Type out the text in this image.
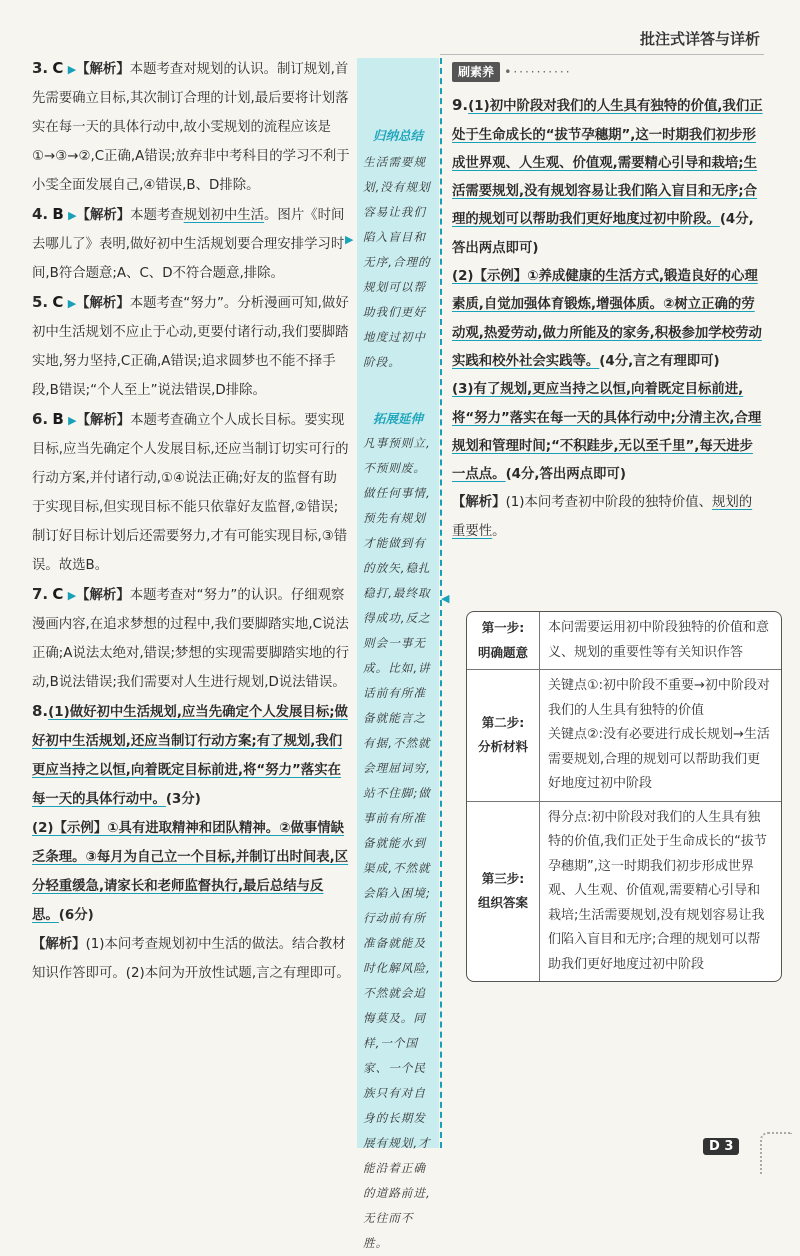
批注式详答与详析

3. C ▶【解析】本题考查对规划的认识。制订规划,首先需要确立目标,其次制订合理的计划,最后要将计划落实在每一天的具体行动中,故小雯规划的流程应该是①→③→②,C正确,A错误;放弃非中考科目的学习不利于小雯全面发展自己,④错误,B、D排除。

4. B ▶【解析】本题考查规划初中生活。图片《时间去哪儿了》表明,做好初中生活规划要合理安排学习时间,B符合题意;A、C、D不符合题意,排除。

5. C ▶【解析】本题考查“努力”。分析漫画可知,做好初中生活规划不应止于心动,更要付诸行动,我们要脚踏实地,努力坚持,C正确,A错误;追求圆梦也不能不择手段,B错误;“个人至上”说法错误,D排除。

6. B ▶【解析】本题考查确立个人成长目标。要实现目标,应当先确定个人发展目标,还应当制订切实可行的行动方案,并付诸行动,①④说法正确;好友的监督有助于实现目标,但实现目标不能只依靠好友监督,②错误;制订好目标计划后还需要努力,才有可能实现目标,③错误。故选B。

7. C ▶【解析】本题考查对“努力”的认识。仔细观察漫画内容,在追求梦想的过程中,我们要脚踏实地,C说法正确;A说法太绝对,错误;梦想的实现需要脚踏实地的行动,B说法错误;我们需要对人生进行规划,D说法错误。

8.(1)做好初中生活规划,应当先确定个人发展目标;做好初中生活规划,还应当制订行动方案;有了规划,我们更应当持之以恒,向着既定目标前进,将“努力”落实在每一天的具体行动中。(3分)

(2)【示例】①具有进取精神和团队精神。②做事情缺乏条理。③每月为自己立一个目标,并制订出时间表,区分轻重缓急,请家长和老师监督执行,最后总结与反思。(6分)

【解析】(1)本问考查规划初中生活的做法。结合教材知识作答即可。(2)本问为开放性试题,言之有理即可。

归纳总结
生活需要规划,没有规划容易让我们陷入盲目和无序,合理的规划可以帮助我们更好地度过初中阶段。
拓展延伸
凡事预则立,不预则废。做任何事情,预先有规划才能做到有的放矢,稳扎稳打,最终取得成功,反之则会一事无成。比如,讲话前有所准备就能言之有据,不然就会理屈词穷,站不住脚;做事前有所准备就能水到渠成,不然就会陷入困境;行动前有所准备就能及时化解风险,不然就会追悔莫及。同样,一个国家、一个民族只有对自身的长期发展有规划,才能沿着正确的道路前进,无往而不胜。
▶
◀
刷素养 •··········

9.(1)初中阶段对我们的人生具有独特的价值,我们正处于生命成长的“拔节孕穗期”,这一时期我们初步形成世界观、人生观、价值观,需要精心引导和栽培;生活需要规划,没有规划容易让我们陷入盲目和无序;合理的规划可以帮助我们更好地度过初中阶段。(4分,答出两点即可)

(2)【示例】①养成健康的生活方式,锻造良好的心理素质,自觉加强体育锻炼,增强体质。②树立正确的劳动观,热爱劳动,做力所能及的家务,积极参加学校劳动实践和校外社会实践等。(4分,言之有理即可)

(3)有了规划,更应当持之以恒,向着既定目标前进,将“努力”落实在每一天的具体行动中;分清主次,合理规划和管理时间;“不积跬步,无以至千里”,每天进步一点点。(4分,答出两点即可)

【解析】(1)本问考查初中阶段的独特价值、规划的重要性。

第一步:
明确题意
本问需要运用初中阶段独特的价值和意义、规划的重要性等有关知识作答
第二步:
分析材料
关键点①:初中阶段不重要→初中阶段对我们的人生具有独特的价值
关键点②:没有必要进行成长规划→生活需要规划,合理的规划可以帮助我们更好地度过初中阶段
第三步:
组织答案
得分点:初中阶段对我们的人生具有独特的价值,我们正处于生命成长的“拔节孕穗期”,这一时期我们初步形成世界观、人生观、价值观,需要精心引导和栽培;生活需要规划,没有规划容易让我们陷入盲目和无序;合理的规划可以帮助我们更好地度过初中阶段
D 3
